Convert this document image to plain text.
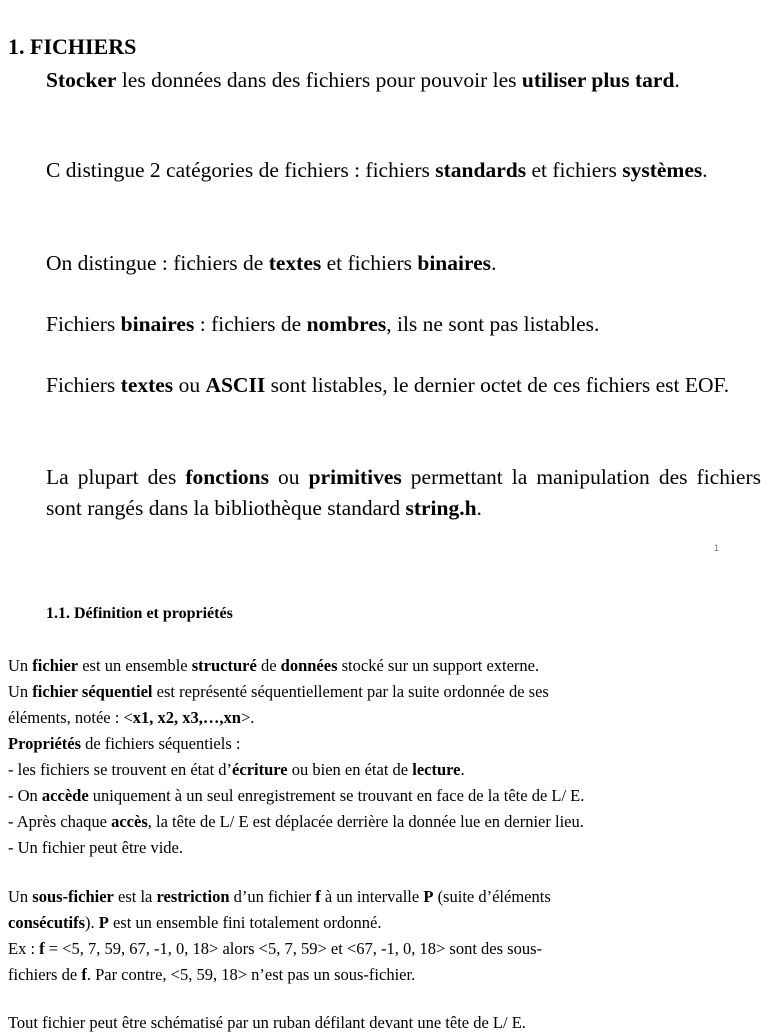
1. FICHIERS

Stocker les données dans des fichiers pour pouvoir les utiliser plus tard.

C distingue 2 catégories de fichiers : fichiers standards et fichiers systèmes.

On distingue : fichiers de textes et fichiers binaires.

Fichiers binaires : fichiers de nombres, ils ne sont pas listables.

Fichiers textes ou ASCII sont listables, le dernier octet de ces fichiers est EOF.

La plupart des fonctions ou primitives permettant la manipulation des fichiers sont rangés dans la bibliothèque standard string.h.

1
1.1. Définition et propriétés

Un fichier est un ensemble structuré de données stocké sur un support externe.

Un fichier séquentiel est représenté séquentiellement par la suite ordonnée de ses

éléments, notée : <x1, x2, x3,…,xn>.

Propriétés de fichiers séquentiels :

- les fichiers se trouvent en état d’écriture ou bien en état de lecture.

- On accède uniquement à un seul enregistrement se trouvant en face de la tête de L/ E.

- Après chaque accès, la tête de L/ E est déplacée derrière la donnée lue en dernier lieu.

- Un fichier peut être vide.

Un sous-fichier est la restriction d’un fichier f à un intervalle P (suite d’éléments

consécutifs). P est un ensemble fini totalement ordonné.

Ex : f = <5, 7, 59, 67, -1, 0, 18> alors <5, 7, 59> et <67, -1, 0, 18> sont des sous-

fichiers de f. Par contre, <5, 59, 18> n’est pas un sous-fichier.

Tout fichier peut être schématisé par un ruban défilant devant une tête de L/ E.
